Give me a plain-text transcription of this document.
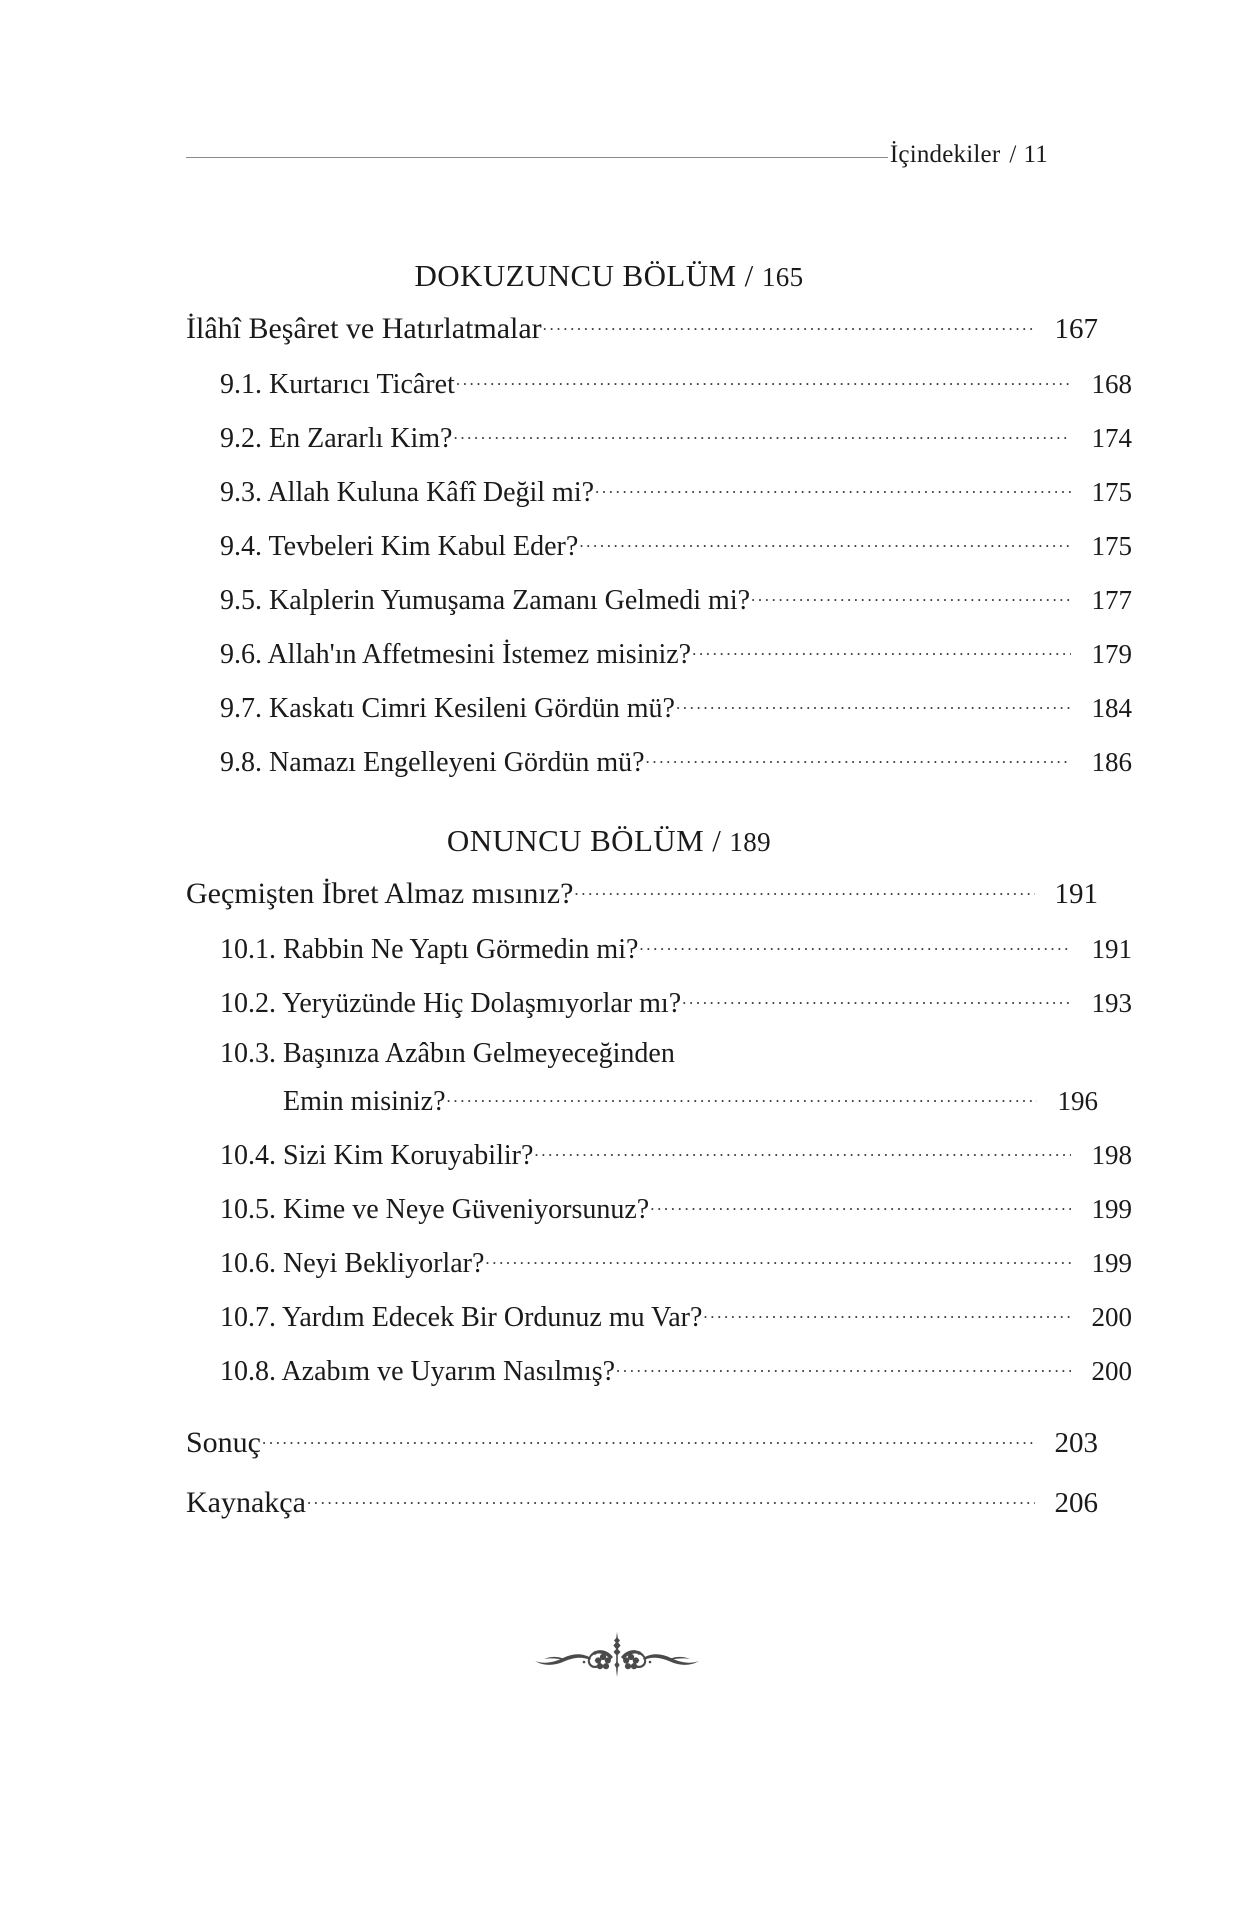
İçindekiler / 11
DOKUZUNCU BÖLÜM / 165
İlâhî Beşâret ve Hatırlatmalar .....	167
9.1. Kurtarıcı Ticâret .....	168
9.2. En Zararlı Kim? .....	174
9.3. Allah Kuluna Kâfî Değil mi? .....	175
9.4. Tevbeleri Kim Kabul Eder? .....	175
9.5. Kalplerin Yumuşama Zamanı Gelmedi mi? .....	177
9.6. Allah'ın Affetmesini İstemez misiniz? .....	179
9.7. Kaskatı Cimri Kesileni Gördün mü? .....	184
9.8. Namazı Engelleyeni Gördün mü? .....	186
ONUNCU BÖLÜM / 189
Geçmişten İbret Almaz mısınız? .....	191
10.1. Rabbin Ne Yaptı Görmedin mi? .....	191
10.2. Yeryüzünde Hiç Dolaşmıyorlar mı? .....	193
10.3. Başınıza Azâbın Gelmeyeceğinden
Emin misiniz? .....	196
10.4. Sizi Kim Koruyabilir? .....	198
10.5. Kime ve Neye Güveniyorsunuz? .....	199
10.6. Neyi Bekliyorlar? .....	199
10.7. Yardım Edecek Bir Ordunuz mu Var? .....	200
10.8. Azabım ve Uyarım Nasılmış? .....	200
Sonuç .....	203
Kaynakça .....	206
